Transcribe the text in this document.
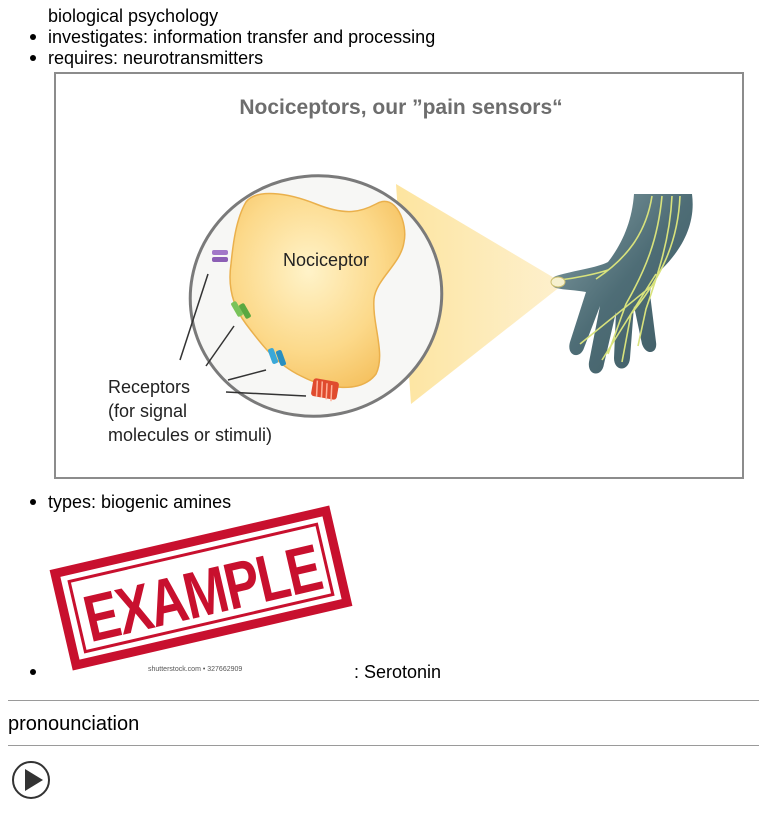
biological psychology
investigates: information transfer and processing
requires: neurotransmitters
Nociceptors, our ”pain sensors“
Nociceptor
Receptors
(for signal
molecules or stimuli)
types: biogenic amines
EXAMPLE
shutterstock.com • 327662909	: Serotonin
pronounciation
